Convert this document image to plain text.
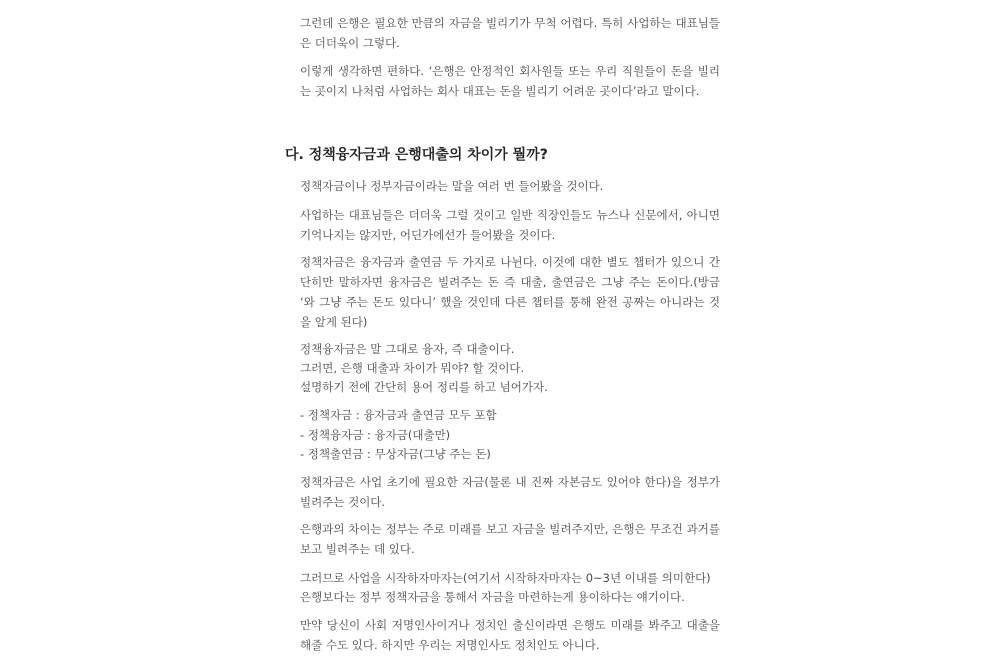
그런데 은행은 필요한 만큼의 자금을 빌리기가 무척 어렵다. 특히 사업하는 대표님들은 더더욱이 그렇다.

이렇게 생각하면 편하다. ‘은행은 안정적인 회사원들 또는 우리 직원들이 돈을 빌리는 곳이지 나처럼 사업하는 회사 대표는 돈을 빌리기 어려운 곳이다’라고 말이다.

다. 정책융자금과 은행대출의 차이가 뭘까?

정책자금이나 정부자금이라는 말을 여러 번 들어봤을 것이다.

사업하는 대표님들은 더더욱 그럴 것이고 일반 직장인들도 뉴스나 신문에서, 아니면 기억나지는 않지만, 어딘가에선가 들어봤을 것이다.

정책자금은 융자금과 출연금 두 가지로 나뉜다. 이것에 대한 별도 챕터가 있으니 간단히만 말하자면 융자금은 빌려주는 돈 즉 대출, 출연금은 그냥 주는 돈이다.(방금 ‘와 그냥 주는 돈도 있다니’ 했을 것인데 다른 챕터를 통해 완전 공짜는 아니라는 것을 알게 된다)

정책융자금은 말 그대로 융자, 즉 대출이다.
그러면, 은행 대출과 차이가 뭐야? 할 것이다.
설명하기 전에 간단히 용어 정리를 하고 넘어가자.
- 정책자금 : 융자금과 출연금 모두 포함
- 정책융자금 : 융자금(대출만)
- 정책출연금 : 무상자금(그냥 주는 돈)

정책자금은 사업 초기에 필요한 자금(물론 내 진짜 자본금도 있어야 한다)을 정부가 빌려주는 것이다.

은행과의 차이는 정부는 주로 미래를 보고 자금을 빌려주지만, 은행은 무조건 과거를 보고 빌려주는 데 있다.

그러므로 사업을 시작하자마자는(여기서 시작하자마자는 0~3년 이내를 의미한다)
은행보다는 정부 정책자금을 통해서 자금을 마련하는게 용이하다는 얘기이다.

만약 당신이 사회 저명인사이거나 정치인 출신이라면 은행도 미래를 봐주고 대출을 해줄 수도 있다. 하지만 우리는 저명인사도 정치인도 아니다.
